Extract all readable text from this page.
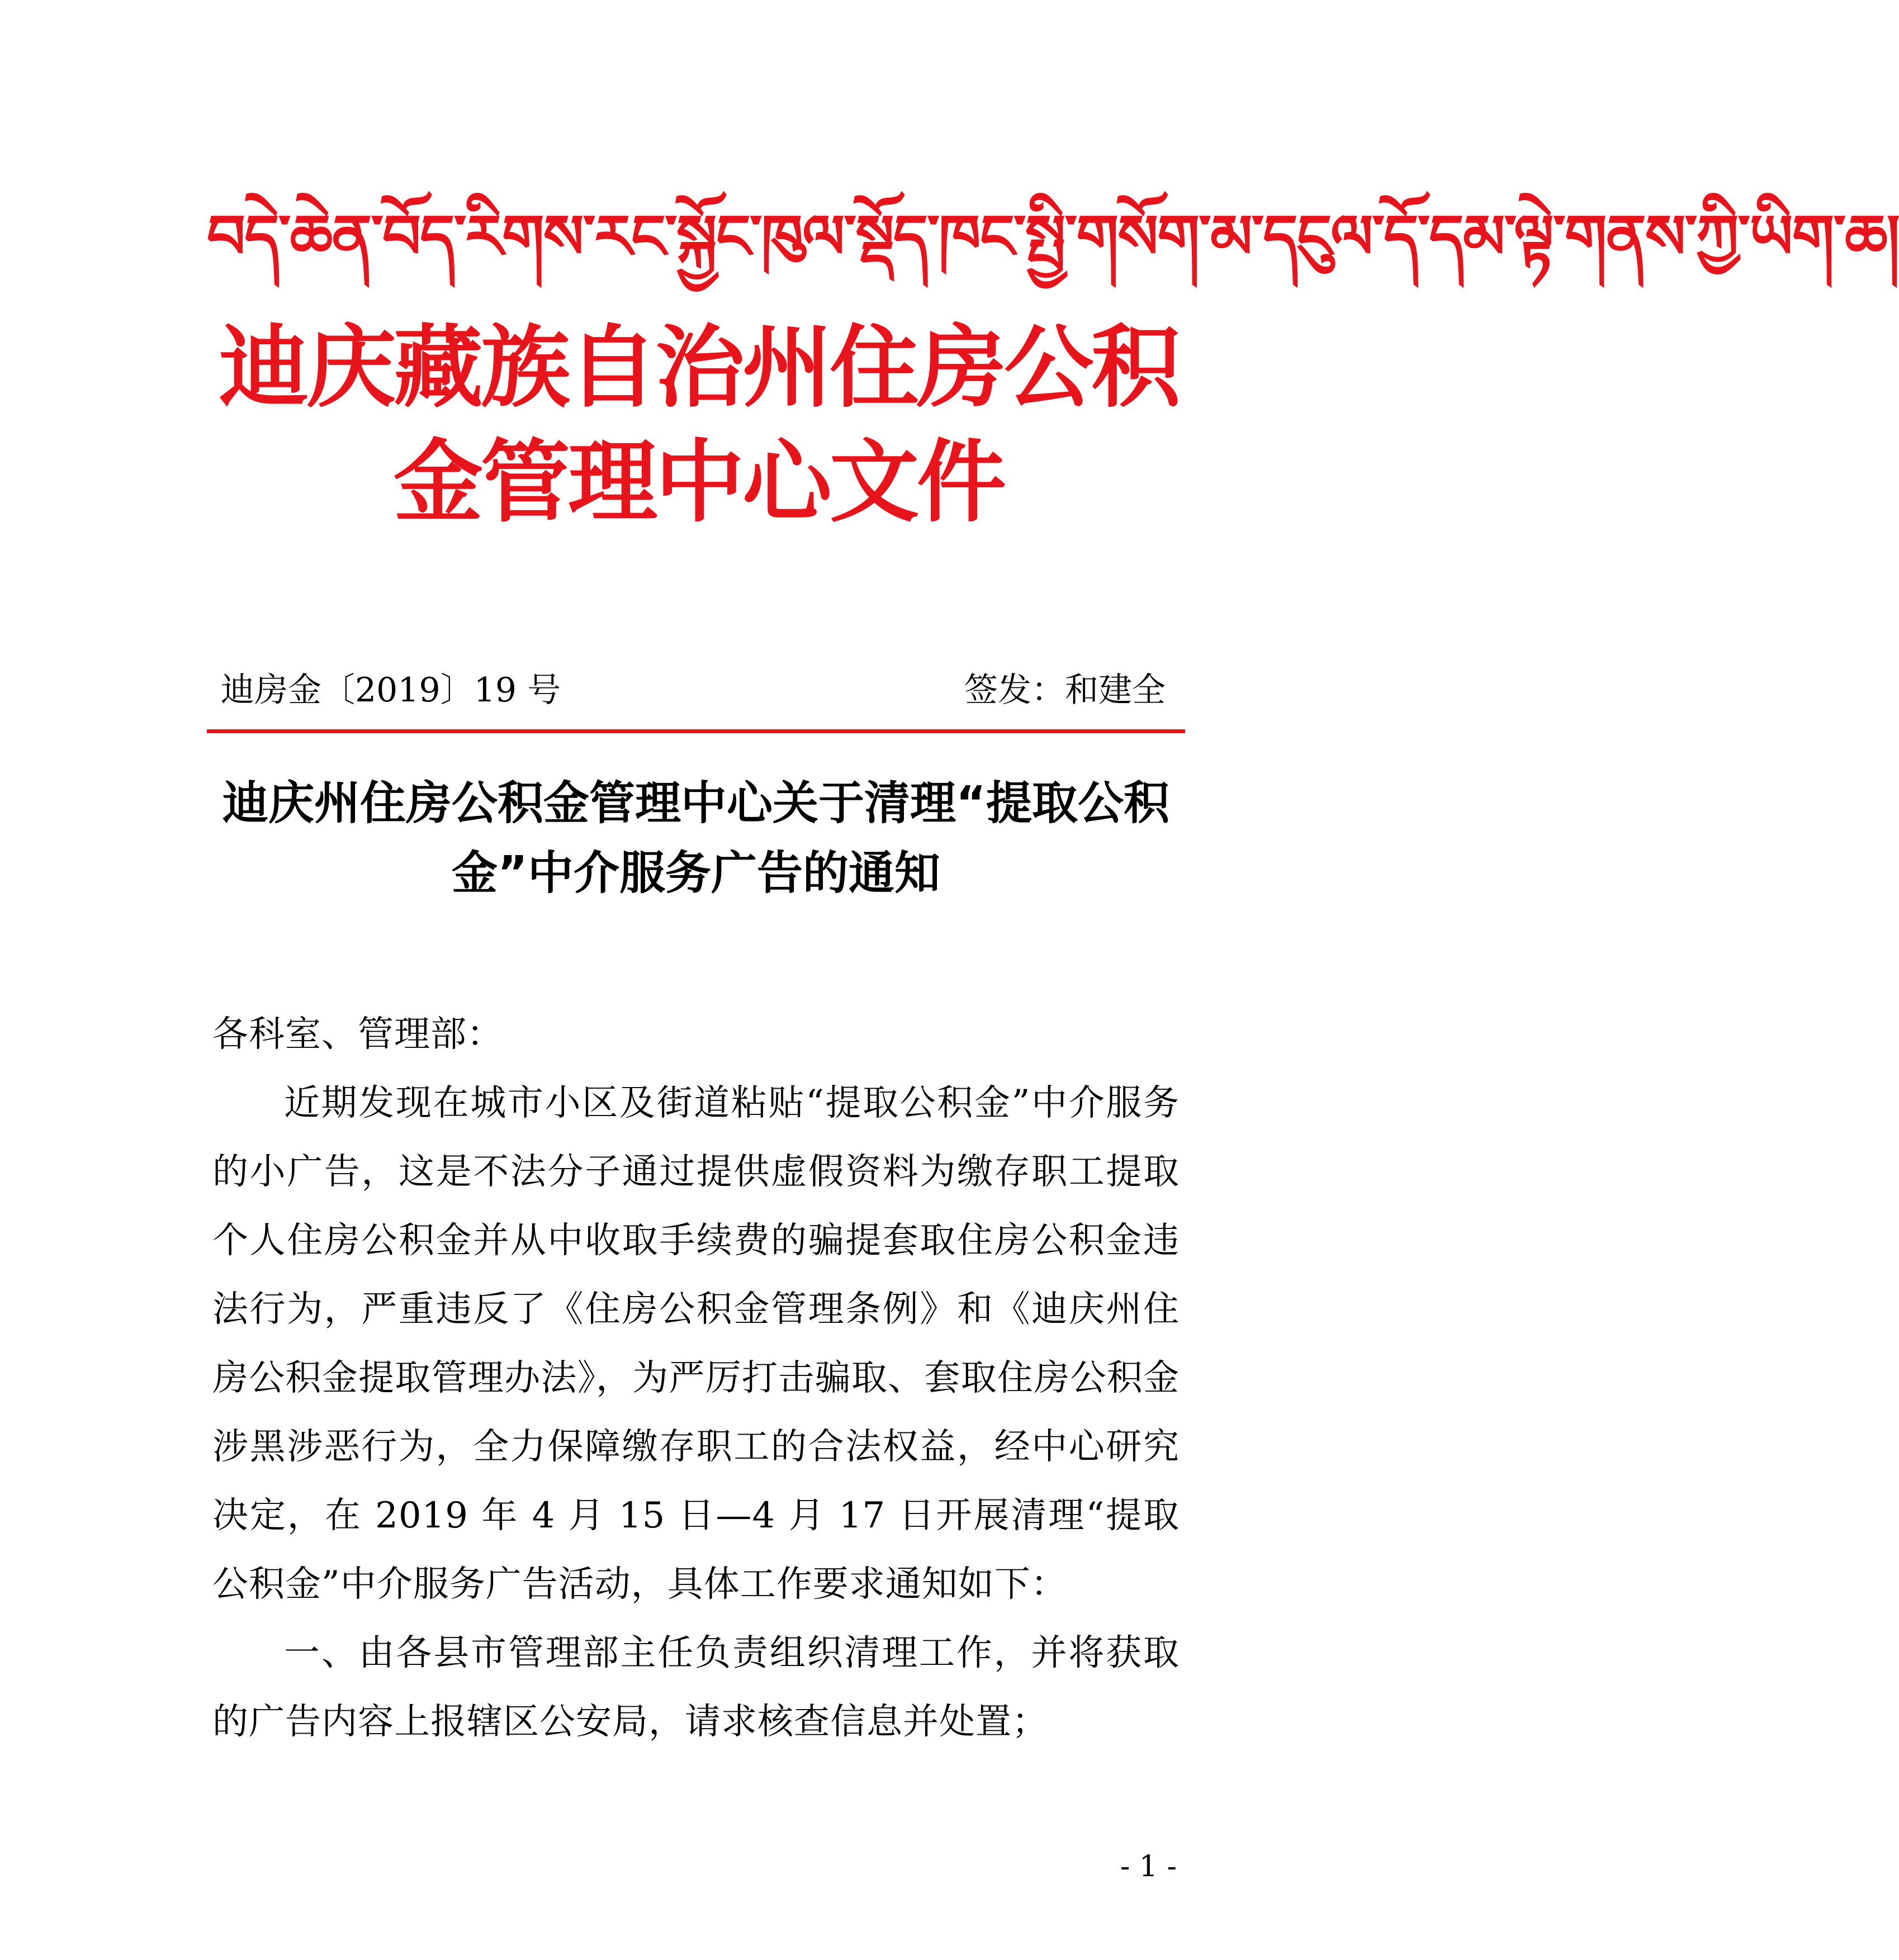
བདེ་ཆེན་བོད་རིགས་རང་སྐྱོང་ཁུལ་སྡོད་ཁང་སྤྱི་གསོག་མ་དངུལ་དོ་དམ་ལྟེ་གནས་ཀྱི་ཡིག་ཆ།
迪庆藏族自治州住房公积金管理中心文件
迪房金〔2019〕19 号	签发：和建全
迪庆州住房公积金管理中心关于清理“提取公积金”中介服务广告的通知

各科室、管理部：

近期发现在城市小区及街道粘贴“提取公积金”中介服务的小广告，这是不法分子通过提供虚假资料为缴存职工提取个人住房公积金并从中收取手续费的骗提套取住房公积金违法行为，严重违反了《住房公积金管理条例》和《迪庆州住房公积金提取管理办法》，为严厉打击骗取、套取住房公积金涉黑涉恶行为，全力保障缴存职工的合法权益，经中心研究决定，在 2019 年 4 月 15 日—4 月 17 日开展清理“提取公积金”中介服务广告活动，具体工作要求通知如下：

一、由各县市管理部主任负责组织清理工作，并将获取的广告内容上报辖区公安局，请求核查信息并处置；

- 1 -
